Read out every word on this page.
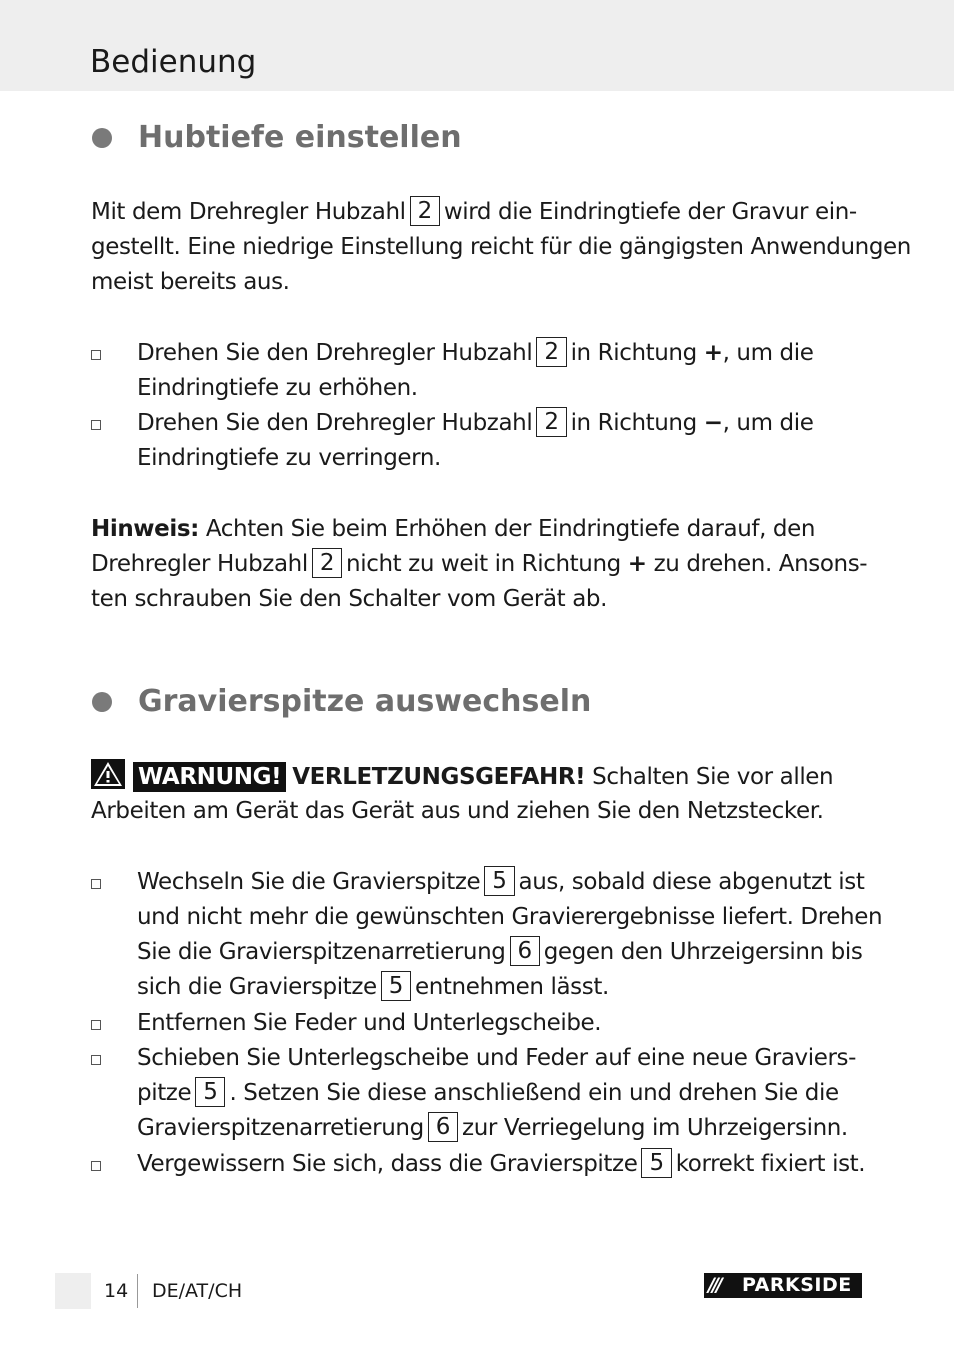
Bedienung
Hubtiefe einstellen
Mit dem Drehregler Hubzahl 2 wird die Eindringtiefe der Gravur ein-
gestellt. Eine niedrige Einstellung reicht für die gängigsten Anwendungen
meist bereits aus.
Drehen Sie den Drehregler Hubzahl 2 in Richtung +, um die
Eindringtiefe zu erhöhen.
Drehen Sie den Drehregler Hubzahl 2 in Richtung −, um die
Eindringtiefe zu verringern.
Hinweis: Achten Sie beim Erhöhen der Eindringtiefe darauf, den
Drehregler Hubzahl 2 nicht zu weit in Richtung + zu drehen. Ansons-
ten schrauben Sie den Schalter vom Gerät ab.
Gravierspitze auswechseln
WARNUNG! VERLETZUNGSGEFAHR! Schalten Sie vor allen
Arbeiten am Gerät das Gerät aus und ziehen Sie den Netzstecker.
Wechseln Sie die Gravierspitze 5 aus, sobald diese abgenutzt ist
und nicht mehr die gewünschten Gravierergebnisse liefert. Drehen
Sie die Gravierspitzenarretierung 6 gegen den Uhrzeigersinn bis
sich die Gravierspitze 5 entnehmen lässt.
Entfernen Sie Feder und Unterlegscheibe.
Schieben Sie Unterlegscheibe und Feder auf eine neue Graviers-
pitze 5 . Setzen Sie diese anschließend ein und drehen Sie die
Gravierspitzenarretierung 6 zur Verriegelung im Uhrzeigersinn.
Vergewissern Sie sich, dass die Gravierspitze 5 korrekt fixiert ist.
14 DE/AT/CH	/// PARKSIDE
